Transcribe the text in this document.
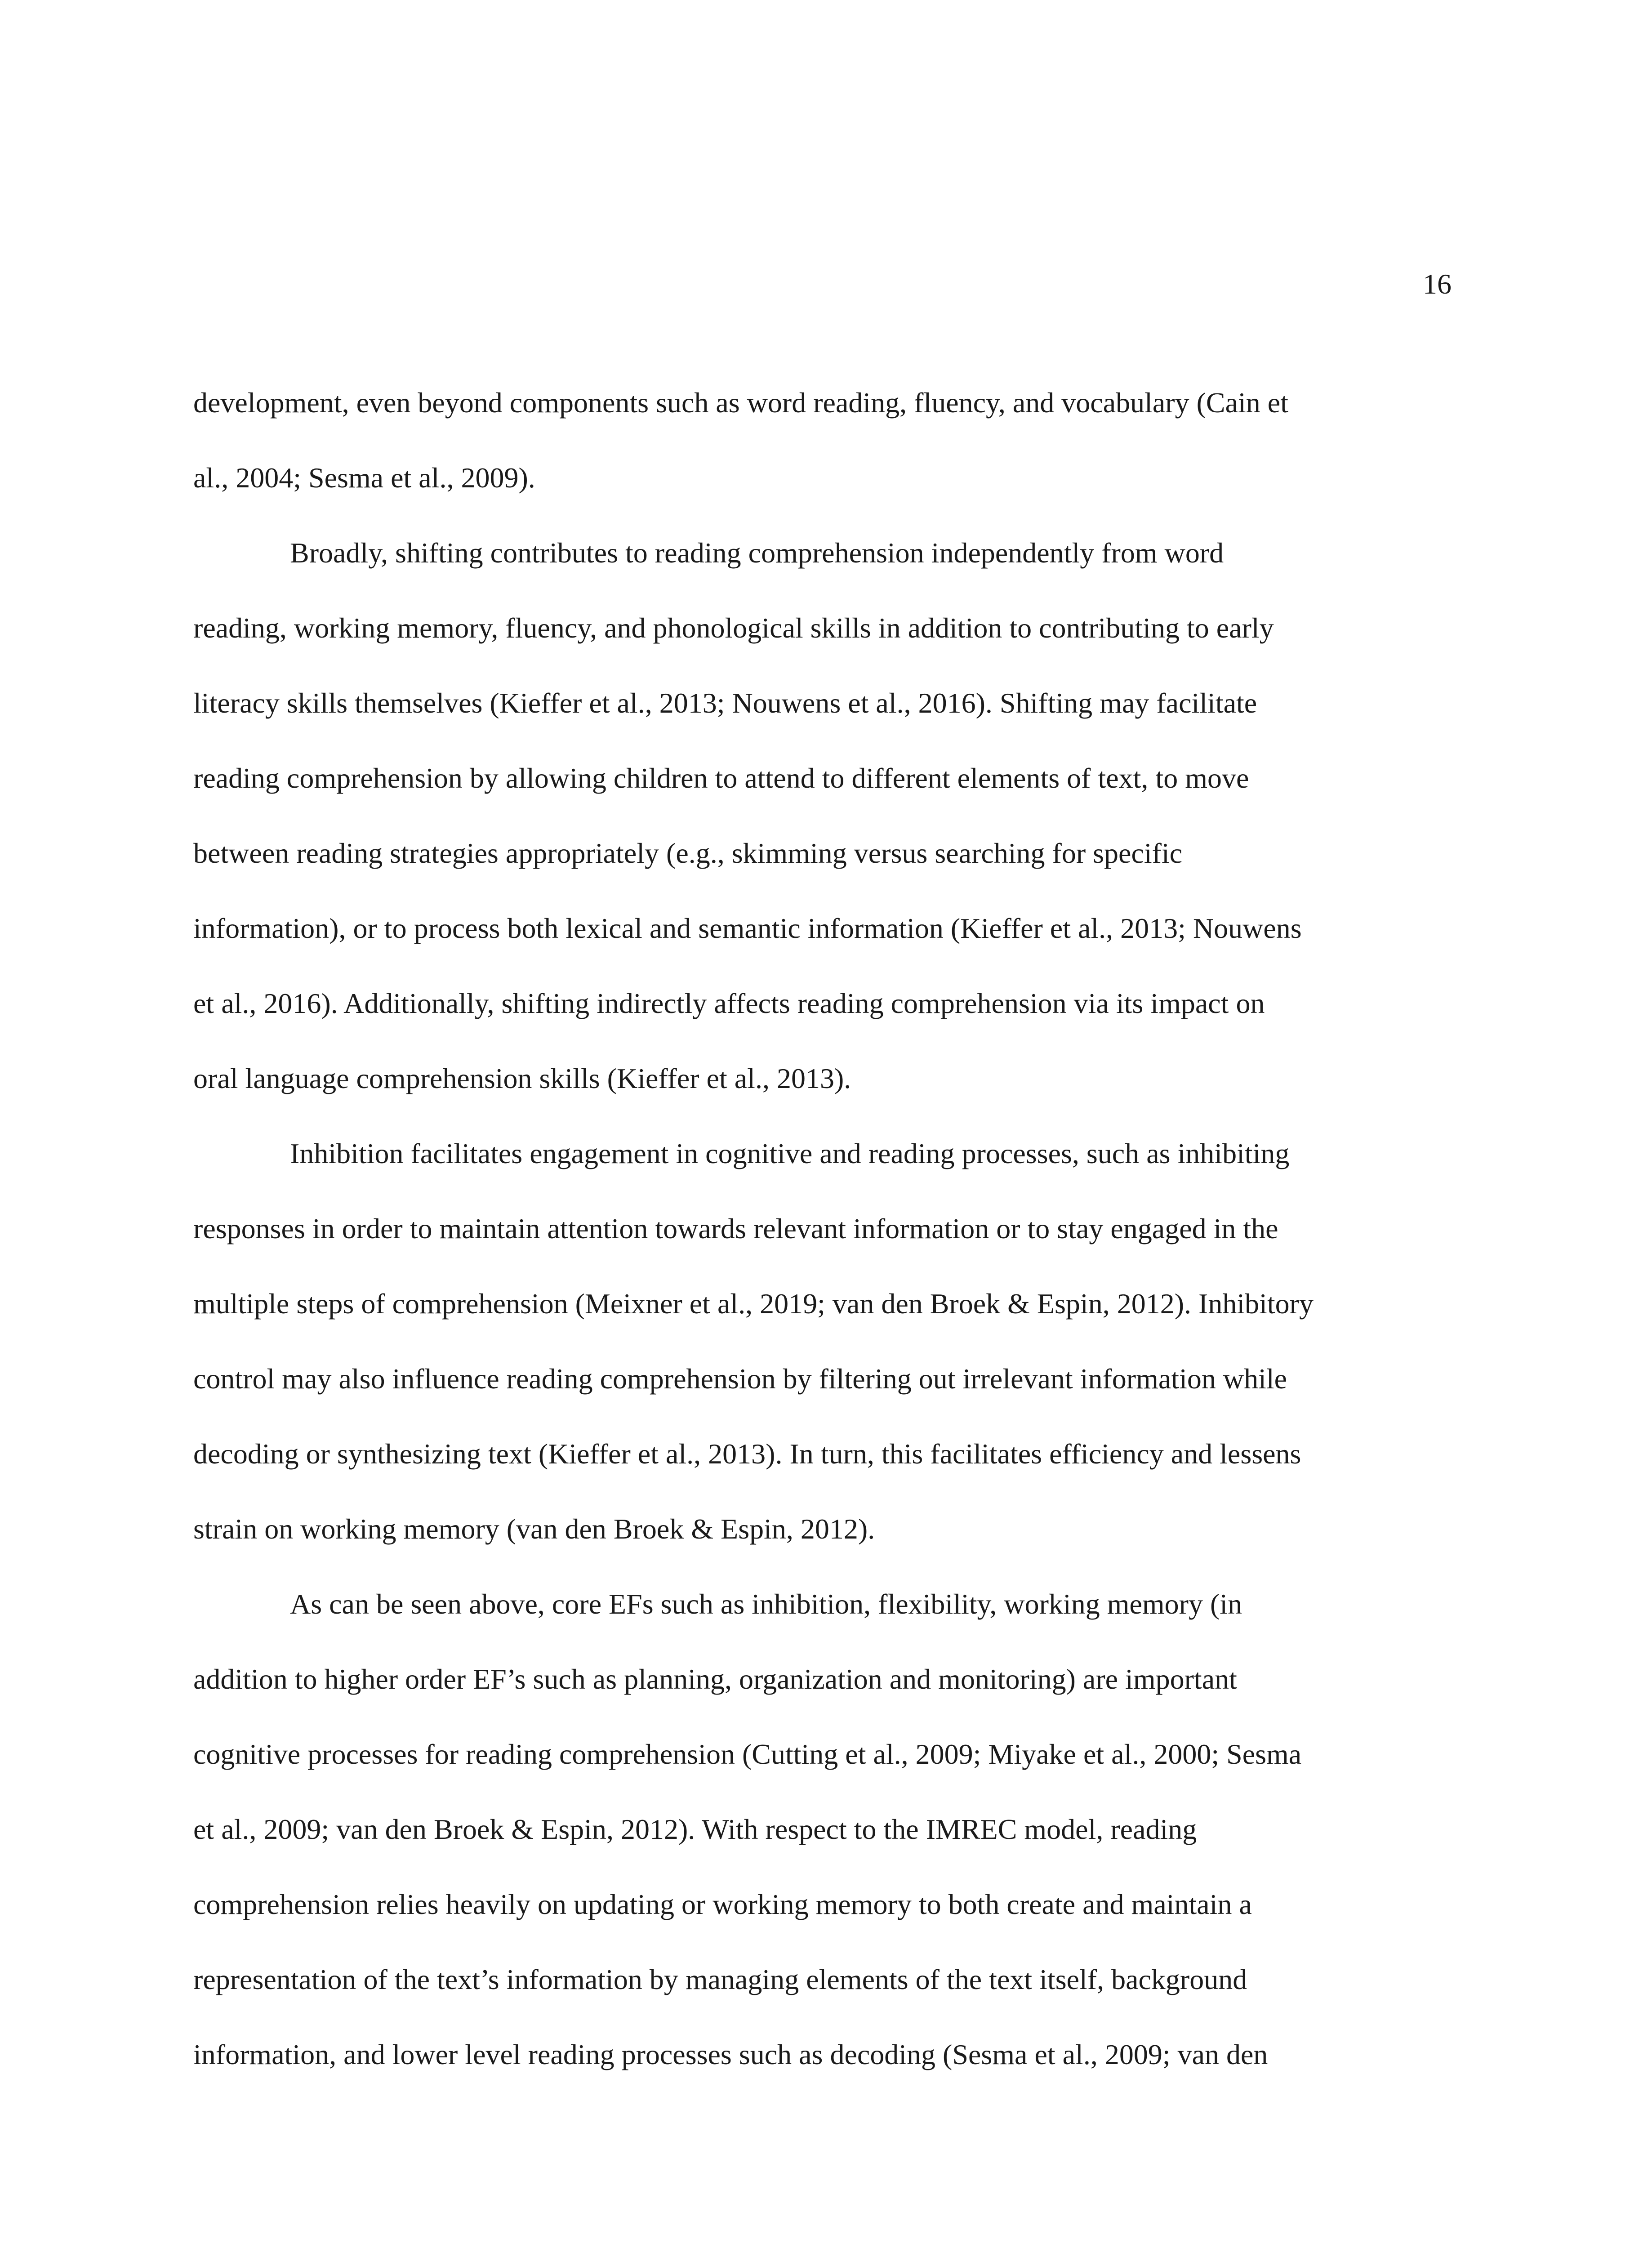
16
development, even beyond components such as word reading, fluency, and vocabulary (Cain et
al., 2004; Sesma et al., 2009).
Broadly, shifting contributes to reading comprehension independently from word
reading, working memory, fluency, and phonological skills in addition to contributing to early
literacy skills themselves (Kieffer et al., 2013; Nouwens et al., 2016). Shifting may facilitate
reading comprehension by allowing children to attend to different elements of text, to move
between reading strategies appropriately (e.g., skimming versus searching for specific
information), or to process both lexical and semantic information (Kieffer et al., 2013; Nouwens
et al., 2016). Additionally, shifting indirectly affects reading comprehension via its impact on
oral language comprehension skills (Kieffer et al., 2013).
Inhibition facilitates engagement in cognitive and reading processes, such as inhibiting
responses in order to maintain attention towards relevant information or to stay engaged in the
multiple steps of comprehension (Meixner et al., 2019; van den Broek & Espin, 2012). Inhibitory
control may also influence reading comprehension by filtering out irrelevant information while
decoding or synthesizing text (Kieffer et al., 2013). In turn, this facilitates efficiency and lessens
strain on working memory (van den Broek & Espin, 2012).
As can be seen above, core EFs such as inhibition, flexibility, working memory (in
addition to higher order EF’s such as planning, organization and monitoring) are important
cognitive processes for reading comprehension (Cutting et al., 2009; Miyake et al., 2000; Sesma
et al., 2009; van den Broek & Espin, 2012). With respect to the IMREC model, reading
comprehension relies heavily on updating or working memory to both create and maintain a
representation of the text’s information by managing elements of the text itself, background
information, and lower level reading processes such as decoding (Sesma et al., 2009; van den
